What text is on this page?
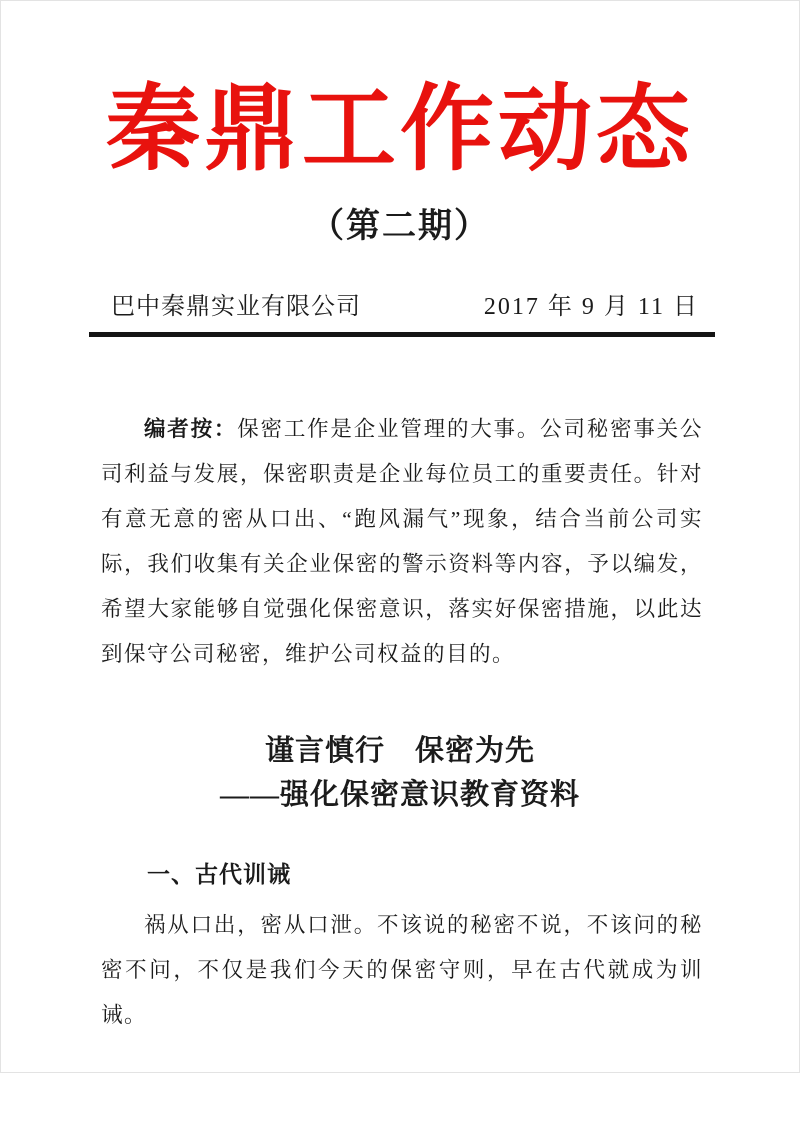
秦鼎工作动态
（第二期）
巴中秦鼎实业有限公司	2017 年 9 月 11 日

编者按：保密工作是企业管理的大事。公司秘密事关公司利益与发展，保密职责是企业每位员工的重要责任。针对有意无意的密从口出、“跑风漏气”现象，结合当前公司实际，我们收集有关企业保密的警示资料等内容，予以编发，希望大家能够自觉强化保密意识，落实好保密措施，以此达到保守公司秘密，维护公司权益的目的。

谨言慎行　保密为先
——强化保密意识教育资料
一、古代训诫

祸从口出，密从口泄。不该说的秘密不说，不该问的秘密不问，不仅是我们今天的保密守则，早在古代就成为训诫。
